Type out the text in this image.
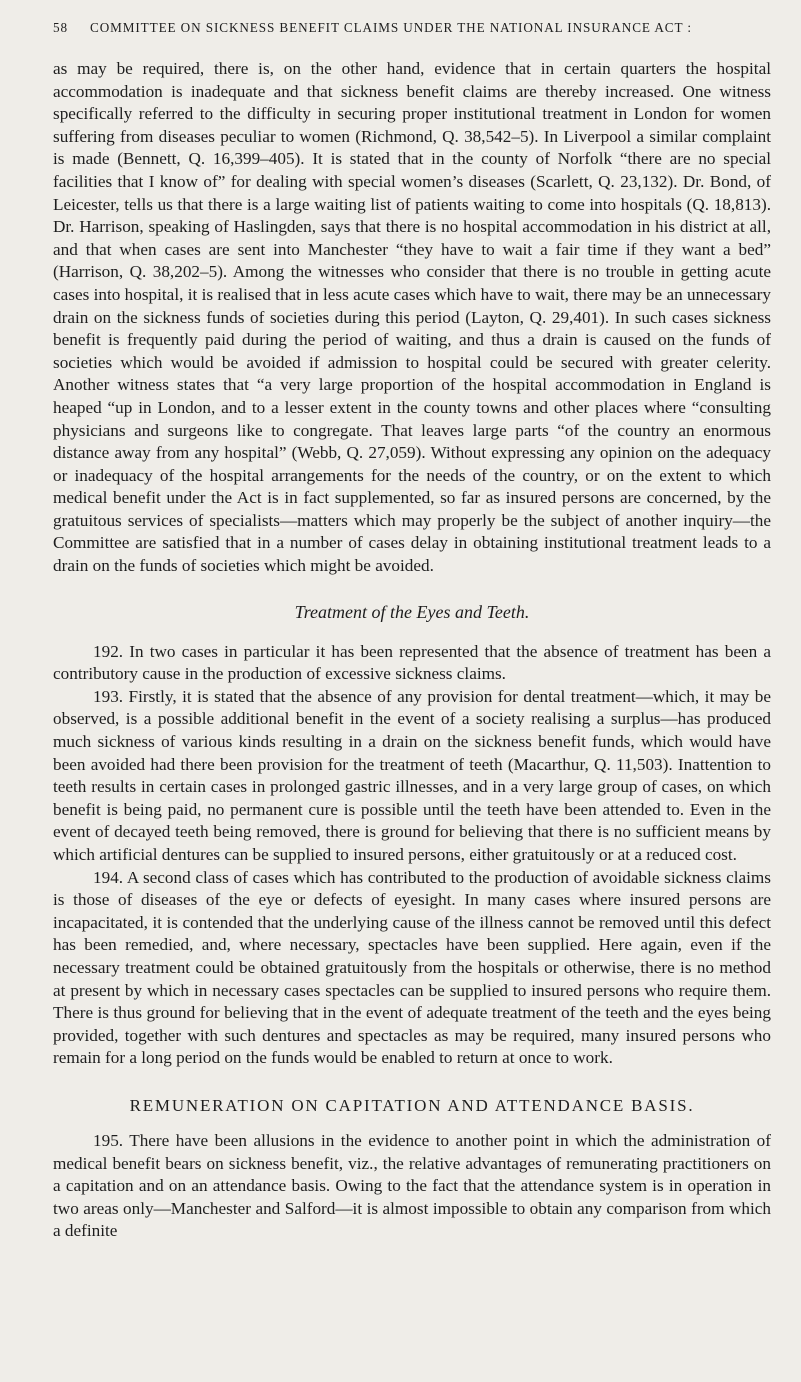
58 COMMITTEE ON SICKNESS BENEFIT CLAIMS UNDER THE NATIONAL INSURANCE ACT :

as may be required, there is, on the other hand, evidence that in certain quarters the hospital accommodation is inadequate and that sickness benefit claims are thereby increased. One witness specifically referred to the difficulty in securing proper institutional treatment in London for women suffering from diseases peculiar to women (Richmond, Q. 38,542–5). In Liverpool a similar complaint is made (Bennett, Q. 16,399–405). It is stated that in the county of Norfolk “there are no special facilities that I know of” for dealing with special women’s diseases (Scarlett, Q. 23,132). Dr. Bond, of Leicester, tells us that there is a large waiting list of patients waiting to come into hospitals (Q. 18,813). Dr. Harrison, speaking of Haslingden, says that there is no hospital accommodation in his district at all, and that when cases are sent into Manchester “they have to wait a fair time if they want a bed” (Harrison, Q. 38,202–5). Among the witnesses who consider that there is no trouble in getting acute cases into hospital, it is realised that in less acute cases which have to wait, there may be an unnecessary drain on the sickness funds of societies during this period (Layton, Q. 29,401). In such cases sickness benefit is frequently paid during the period of waiting, and thus a drain is caused on the funds of societies which would be avoided if admission to hospital could be secured with greater celerity. Another witness states that “a very large proportion of the hospital accommodation in England is heaped “up in London, and to a lesser extent in the county towns and other places where “consulting physicians and surgeons like to congregate. That leaves large parts “of the country an enormous distance away from any hospital” (Webb, Q. 27,059). Without expressing any opinion on the adequacy or inadequacy of the hospital arrangements for the needs of the country, or on the extent to which medical benefit under the Act is in fact supplemented, so far as insured persons are concerned, by the gratuitous services of specialists—matters which may properly be the subject of another inquiry—the Committee are satisfied that in a number of cases delay in obtaining institutional treatment leads to a drain on the funds of societies which might be avoided.

Treatment of the Eyes and Teeth.

192. In two cases in particular it has been represented that the absence of treatment has been a contributory cause in the production of excessive sickness claims.

193. Firstly, it is stated that the absence of any provision for dental treatment—which, it may be observed, is a possible additional benefit in the event of a society realising a surplus—has produced much sickness of various kinds resulting in a drain on the sickness benefit funds, which would have been avoided had there been provision for the treatment of teeth (Macarthur, Q. 11,503). Inattention to teeth results in certain cases in prolonged gastric illnesses, and in a very large group of cases, on which benefit is being paid, no permanent cure is possible until the teeth have been attended to. Even in the event of decayed teeth being removed, there is ground for believing that there is no sufficient means by which artificial dentures can be supplied to insured persons, either gratuitously or at a reduced cost.

194. A second class of cases which has contributed to the production of avoidable sickness claims is those of diseases of the eye or defects of eyesight. In many cases where insured persons are incapacitated, it is contended that the underlying cause of the illness cannot be removed until this defect has been remedied, and, where necessary, spectacles have been supplied. Here again, even if the necessary treatment could be obtained gratuitously from the hospitals or otherwise, there is no method at present by which in necessary cases spectacles can be supplied to insured persons who require them. There is thus ground for believing that in the event of adequate treatment of the teeth and the eyes being provided, together with such dentures and spectacles as may be required, many insured persons who remain for a long period on the funds would be enabled to return at once to work.

REMUNERATION ON CAPITATION AND ATTENDANCE BASIS.

195. There have been allusions in the evidence to another point in which the administration of medical benefit bears on sickness benefit, viz., the relative advantages of remunerating practitioners on a capitation and on an attendance basis. Owing to the fact that the attendance system is in operation in two areas only—Manchester and Salford—it is almost impossible to obtain any comparison from which a definite
